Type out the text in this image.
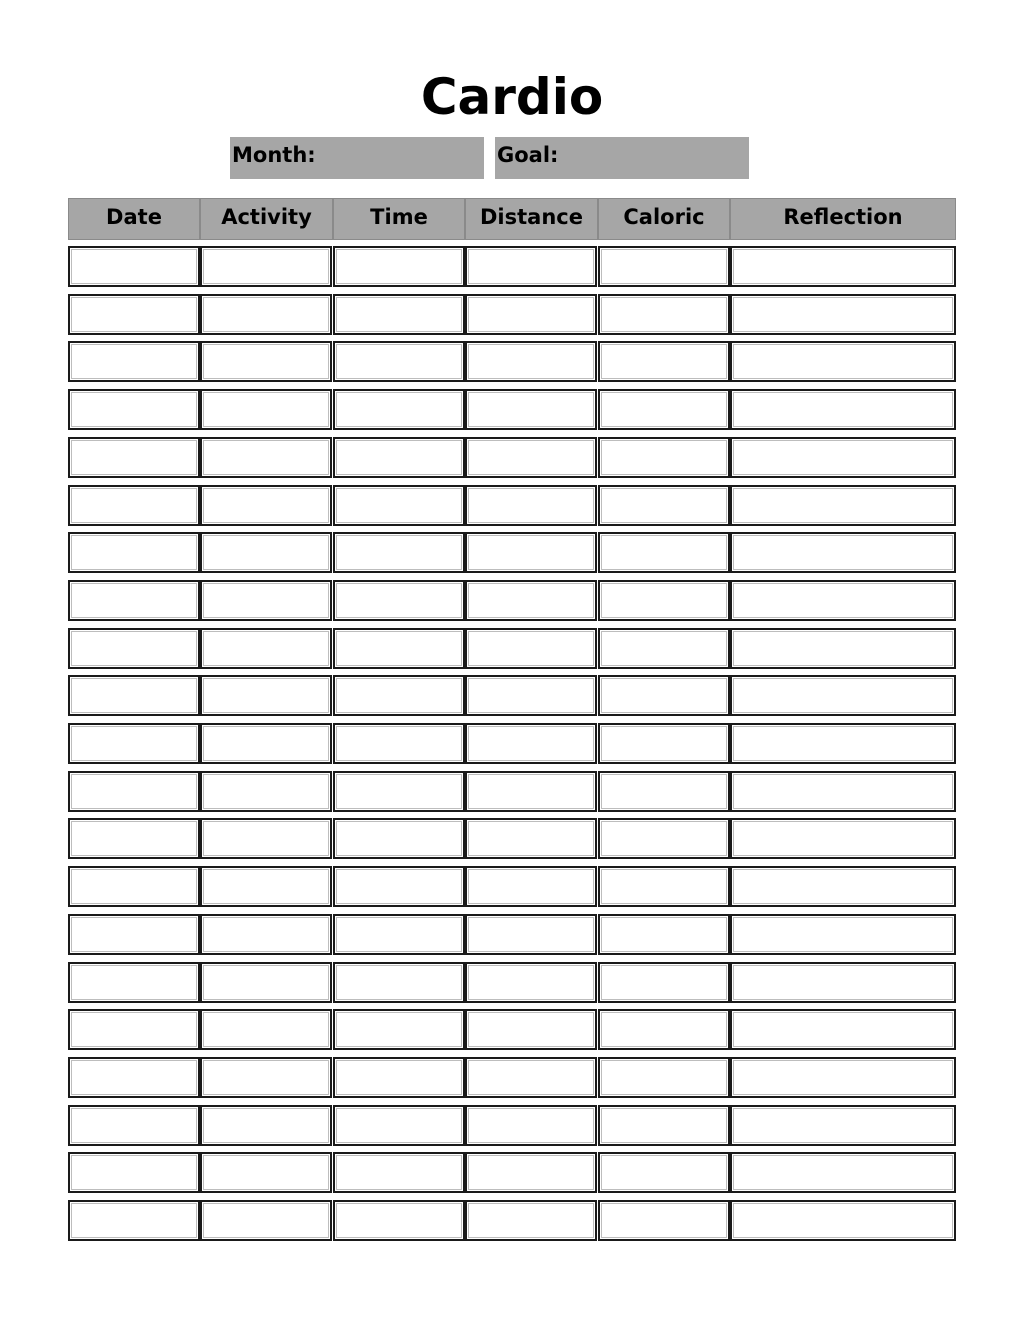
Cardio
Month:	Goal:
Date	Activity	Time	Distance	Caloric	Reflection
